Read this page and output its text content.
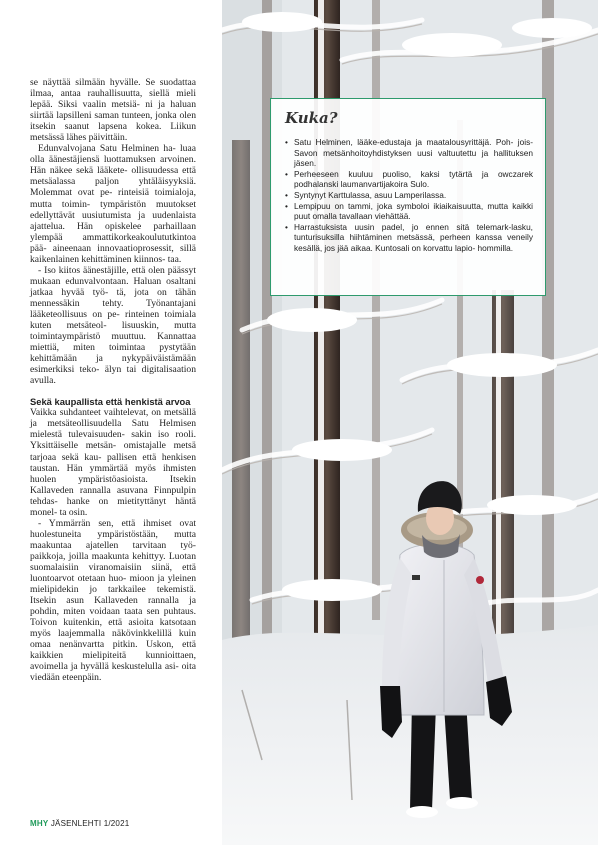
se näyttää silmään hyvälle. Se suodattaa ilmaa, antaa rauhallisuutta, siellä mieli lepää. Siksi vaalin metsiä- ni ja haluan siirtää lapsilleni saman tunteen, jonka olen itsekin saanut lapsena kokea. Liikun metsässä lähes päivittäin.

Edunvalvojana Satu Helminen ha- luaa olla äänestäjiensä luottamuksen arvoinen. Hän näkee sekä lääkete- ollisuudessa että metsäalassa paljon yhtäläisyyksiä. Molemmat ovat pe- rinteisiä toimialoja, mutta toimin- tympäristön muutokset edellyttävät uusiutumista ja uudenlaista ajattelua. Hän opiskelee parhaillaan ylempää ammattikorkeakoulututkintoa pää- aineenaan innovaatioprosessit, sillä kaikenlainen kehittäminen kiinnos- taa.

- Iso kiitos äänestäjille, että olen päässyt mukaan edunvalvontaan. Haluan osaltani jatkaa hyvää työ- tä, jota on tähän mennessäkin tehty. Työnantajani lääketeollisuus on pe- rinteinen toimiala kuten metsäteol- lisuuskin, mutta toimintaympäristö muuttuu. Kannattaa miettiä, miten toimintaa pystytään kehittämään ja nykypäiväistämään esimerkiksi teko- älyn tai digitalisaation avulla.

Sekä kaupallista että henkistä arvoa

Vaikka suhdanteet vaihtelevat, on metsällä ja metsäteollisuudella Satu Helmisen mielestä tulevaisuuden- sakin iso rooli. Yksittäiselle metsän- omistajalle metsä tarjoaa sekä kau- pallisen että henkisen taustan. Hän ymmärtää myös ihmisten huolen ympäristöasioista. Itsekin Kallaveden rannalla asuvana Finnpulpin tehdas- hanke on mietityttänyt häntä monel- ta osin.

- Ymmärrän sen, että ihmiset ovat huolestuneita ympäristöstään, mutta maakuntaa ajatellen tarvitaan työ- paikkoja, joilla maakunta kehittyy. Luotan suomalaisiin viranomaisiin siinä, että luontoarvot otetaan huo- mioon ja yleinen mielipidekin jo tarkkailee tekemistä. Itsekin asun Kallaveden rannalla ja pohdin, miten voidaan taata sen puhtaus. Toivon kuitenkin, että asioita katsotaan myös laajemmalla näkövinkkelillä kuin omaa nenänvartta pitkin. Uskon, että kaikkien mielipiteitä kunnioittaen, avoimella ja hyvällä keskustelulla asi- oita viedään eteenpäin.

MHY JÄSENLEHTI 1/2021
Kuka?
• Satu Helminen, lääke-edustaja ja maatalousyrittäjä. Poh- jois-Savon metsänhoitoyhdistyksen uusi valtuutettu ja hallituksen jäsen.
• Perheeseen kuuluu puoliso, kaksi tytärtä ja owczarek podhalanski laumanvartijakoira Sulo.
• Syntynyt Karttulassa, asuu Lamperilassa.
• Lempipuu on tammi, joka symboloi ikiaikaisuutta, mutta kaikki puut omalla tavallaan viehättää.
• Harrastuksista uusin padel, jo ennen sitä telemark-lasku, tunturisuksilla hiihtäminen metsässä, perheen kanssa veneily kesällä, jos jää aikaa. Kuntosali on korvattu lapio- hommilla.
